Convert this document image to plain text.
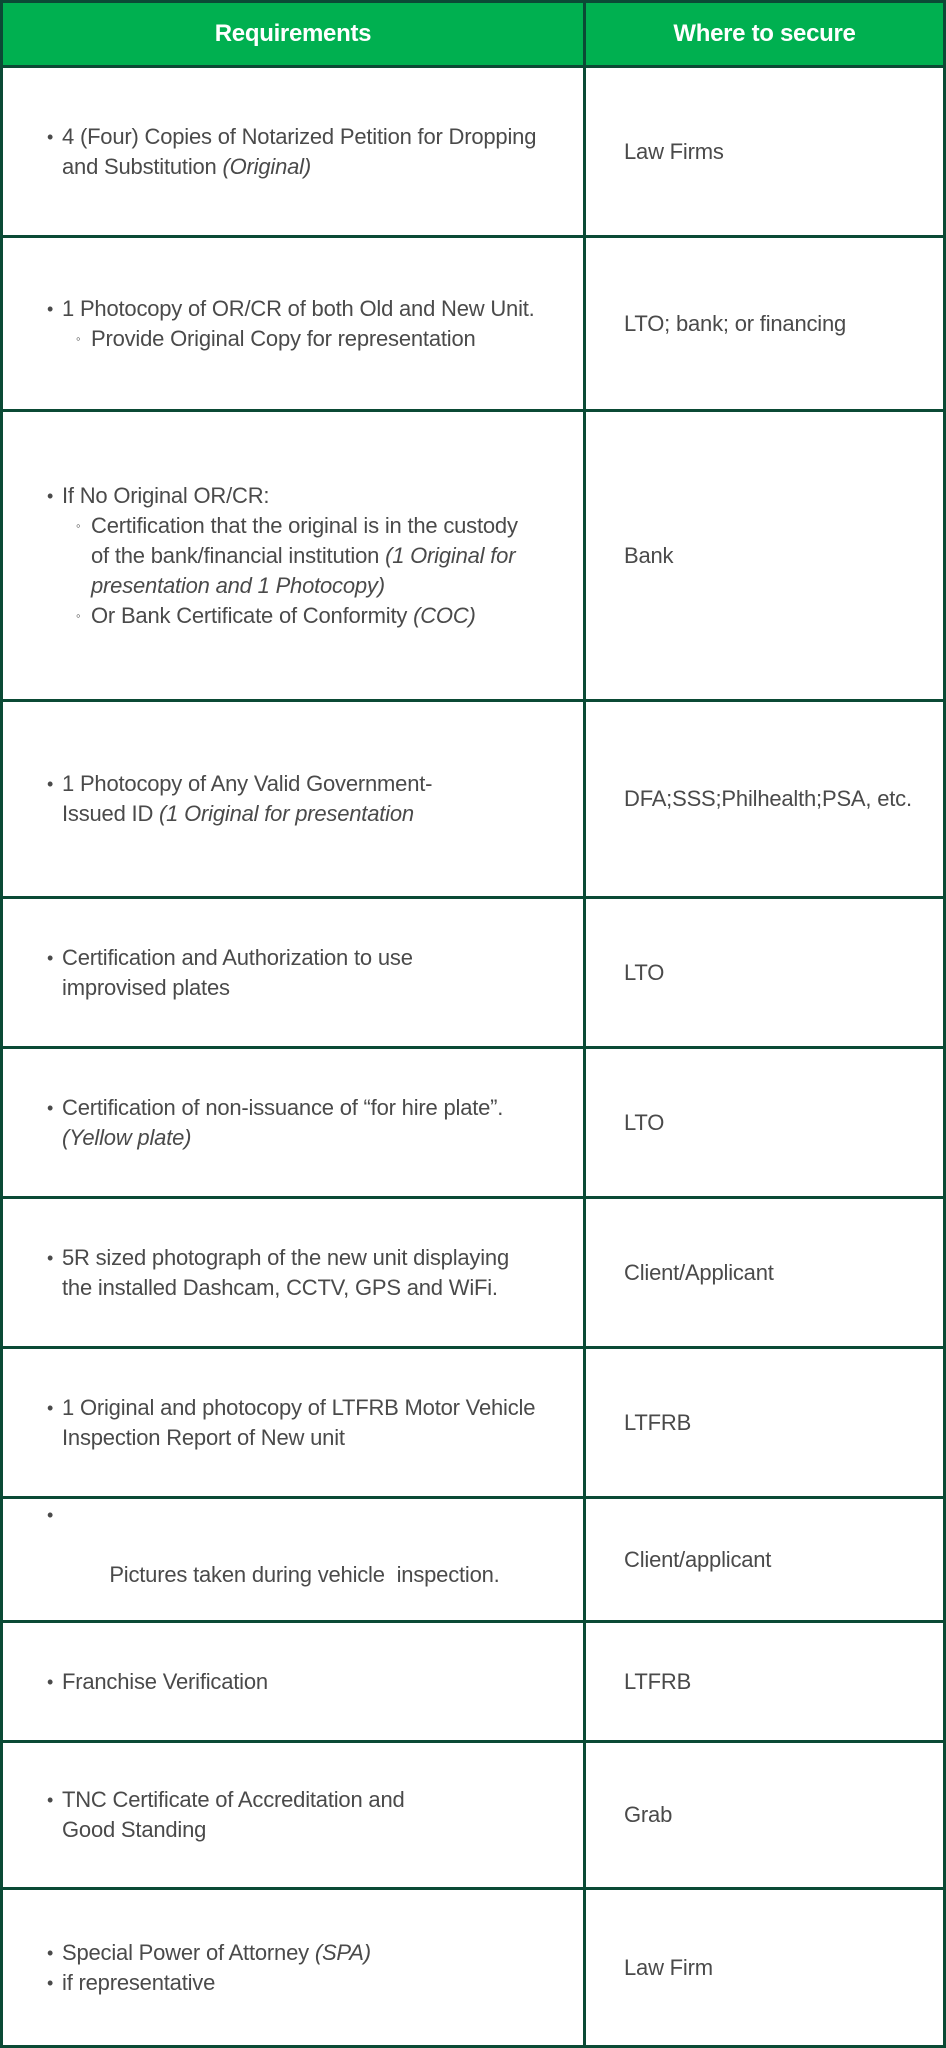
Requirements	Where to secure
• 4 (Four) Copies of Notarized Petition for Dropping and Substitution (Original)
Law Firms
• 1 Photocopy of OR/CR of both Old and New Unit.
◦ Provide Original Copy for representation
LTO; bank; or financing
• If No Original OR/CR:
◦ Certification that the original is in the custody of the bank/financial institution (1 Original for presentation and 1 Photocopy)
◦ Or Bank Certificate of Conformity (COC)
Bank
• 1 Photocopy of Any Valid Government-Issued ID (1 Original for presentation
DFA;SSS;Philhealth;PSA, etc.
• Certification and Authorization to use improvised plates
LTO
• Certification of non-issuance of “for hire plate”. (Yellow plate)
LTO
• 5R sized photograph of the new unit displaying the installed Dashcam, CCTV, GPS and WiFi.
Client/Applicant
• 1 Original and photocopy of LTFRB Motor Vehicle Inspection Report of New unit
LTFRB

•

Pictures taken during vehicle  inspection.

Client/applicant
• Franchise Verification	LTFRB
• TNC Certificate of Accreditation and Good Standing
Grab
• Special Power of Attorney (SPA)
• if representative
Law Firm
